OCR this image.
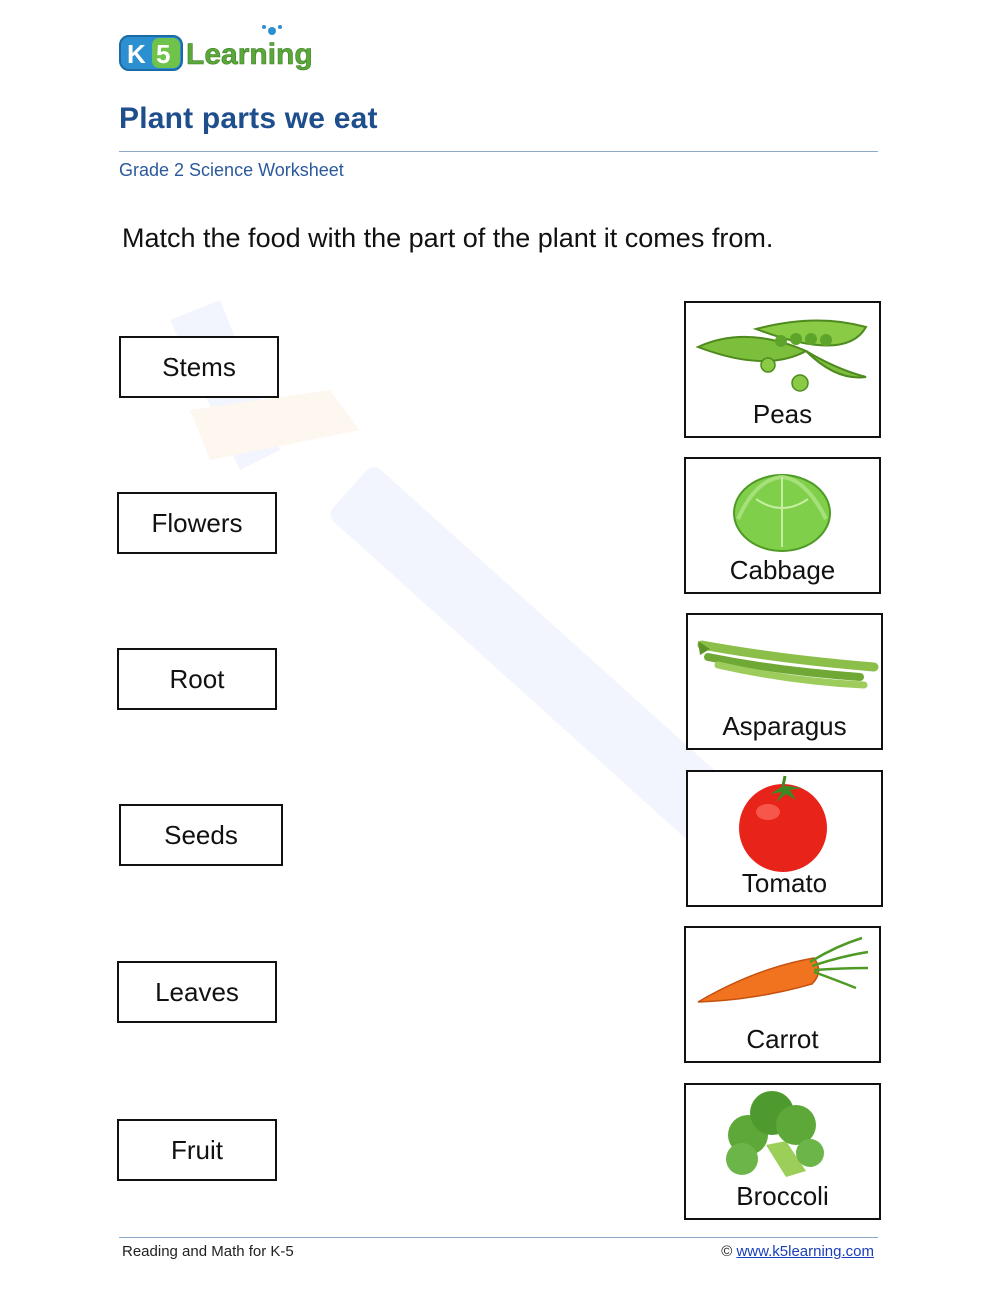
K 5 Learning
Plant parts we eat
Grade 2 Science Worksheet
Match the food with the part of the plant it comes from.
Stems
Flowers
Root
Seeds
Leaves
Fruit
Peas
Cabbage
Asparagus
Tomato
Carrot
Broccoli
Reading and Math for K-5	© www.k5learning.com
